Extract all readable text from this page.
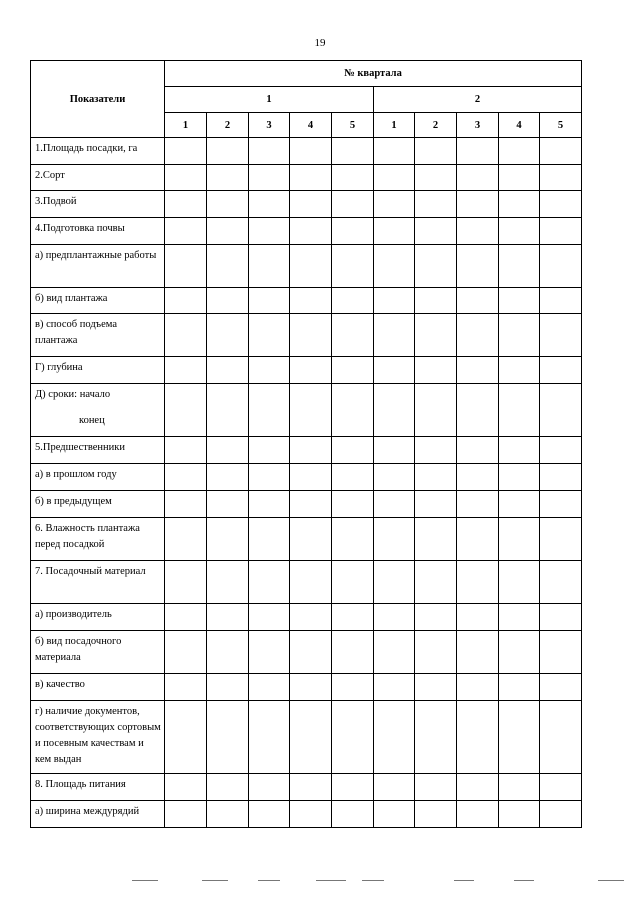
19
Показатели	№ квартала									
	1					2				
	1	2	3	4	5	1	2	3	4	5
1.Площадь посадки, га										
2.Сорт										
3.Подвой										
4.Подготовка почвы										
а) предплантажные работы										
б) вид плантажа										
в) способ подъема плантажа										
Г) глубина										
Д) сроки: начало
конец										

5.Предшественники										
а) в прошлом году										
б) в предыдущем										
6. Влажность плантажа перед посадкой										
7. Посадочный материал										
а) производитель										
б) вид посадочного материала										
в) качество										
г) наличие документов, соответствующих сортовым и посевным качествам и кем выдан										
8. Площадь питания										
а) ширина междурядий										
